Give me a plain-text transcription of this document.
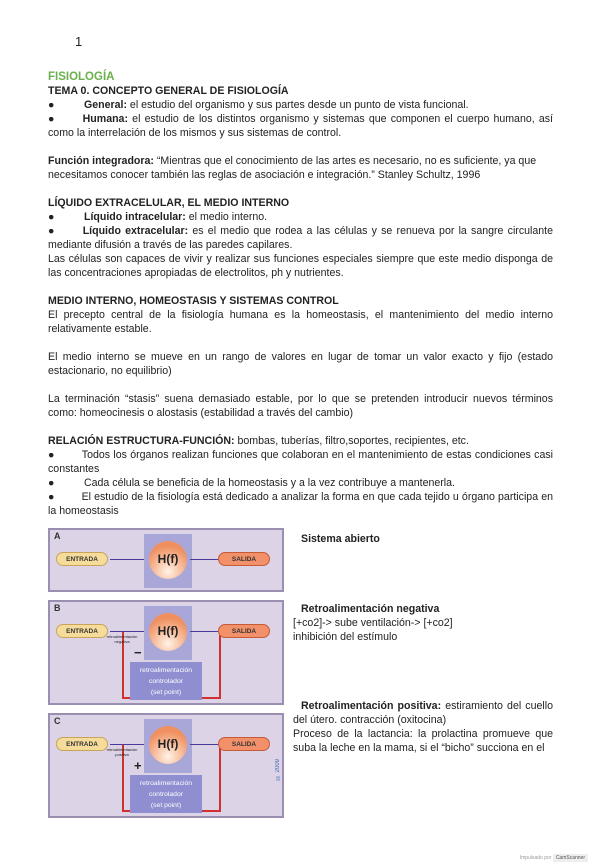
1

FISIOLOGÍA

TEMA 0. CONCEPTO GENERAL DE FISIOLOGÍA

●	General: el estudio del organismo y sus partes desde un punto de vista funcional.

●	Humana: el estudio de los distintos organismo y sistemas que componen el cuerpo humano, así como la interrelación de los mismos y sus sistemas de control.

Función integradora: “Mientras que el conocimiento de las artes es necesario, no es suficiente, ya que necesitamos conocer también las reglas de asociación e integración.” Stanley Schultz, 1996

LÍQUIDO EXTRACELULAR, EL MEDIO INTERNO

●	Líquido intracelular: el medio interno.

●	Líquido extracelular: es el medio que rodea a las células y se renueva por la sangre circulante mediante difusión a través de las paredes capilares.

Las células son capaces de vivir y realizar sus funciones especiales siempre que este medio disponga de las concentraciones apropiadas de electrolitos, ph y nutrientes.

MEDIO INTERNO, HOMEOSTASIS Y SISTEMAS CONTROL

El precepto central de la fisiología humana es la homeostasis, el mantenimiento del medio interno relativamente estable.

El medio interno se mueve en un rango de valores en lugar de tomar un valor exacto y fijo (estado estacionario, no equilibrio)

La terminación “stasis” suena demasiado estable, por lo que se pretenden introducir nuevos términos como: homeocinesis o alostasis (estabilidad a través del cambio)

RELACIÓN ESTRUCTURA-FUNCIÓN: bombas, tuberías, filtro,soportes, recipientes, etc.

●	Todos los órganos realizan funciones que colaboran en el mantenimiento de estas condiciones casi constantes

●	Cada célula se beneficia de la homeostasis y a la vez contribuye a mantenerla.

●	El estudio de la fisiología está dedicado a analizar la forma en que cada tejido u órgano participa en la homeostasis

A
ENTRADA	H(f)	SALIDA
B
ENTRADA	H(f)	SALIDA
retroalimentación negativa
−
retroalimentación
controlador
(set point)
C
ENTRADA	H(f)	SALIDA
retroalimentación positiva
+
retroalimentación
controlador
(set point)
© 2009
Sistema abierto

Retroalimentación negativa

[+co2]-> sube ventilación-> [+co2]

inhibición del estímulo

Retroalimentación positiva: estiramiento del cuello del útero. contracción (oxitocina)

Proceso de la lactancia: la prolactina promueve que suba la leche en la mama, si el “bicho” succiona en el

Impulsado por CamScanner
